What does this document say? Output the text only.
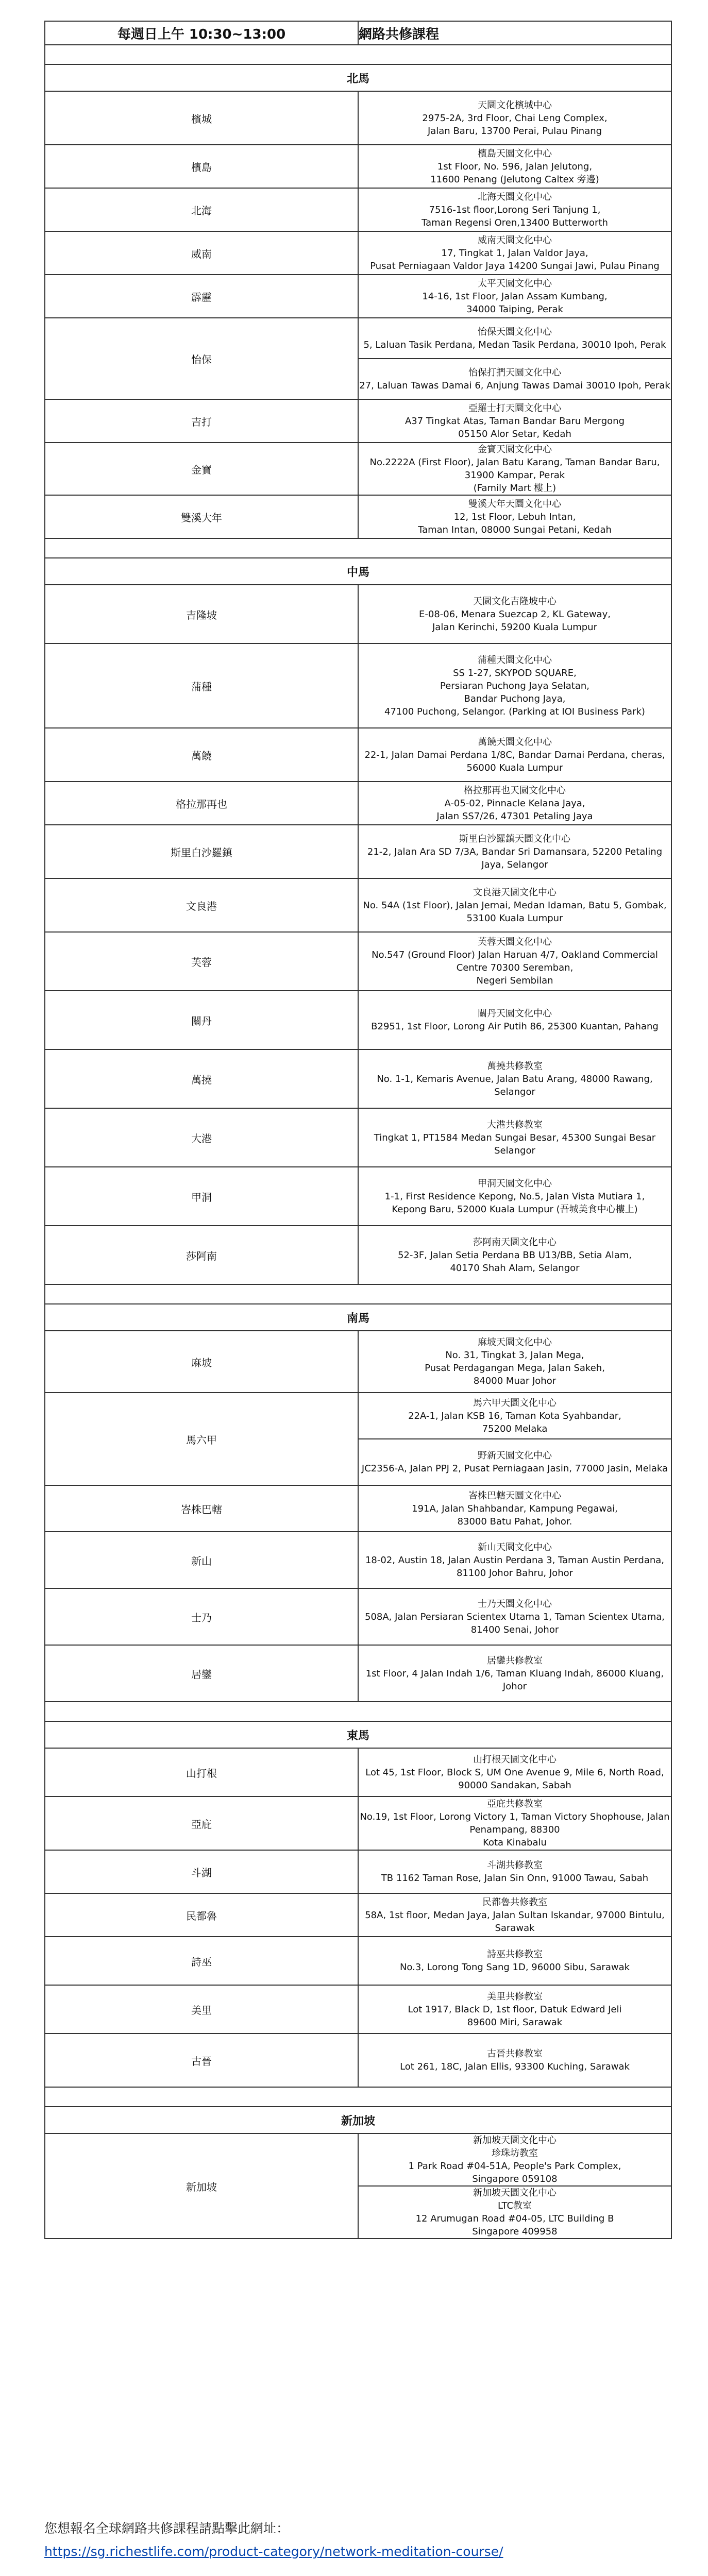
每週日上午 10:30~13:00	網路共修課程

北馬	
檳城	天圜文化檳城中心
2975-2A, 3rd Floor, Chai Leng Complex,
Jalan Baru, 13700 Perai, Pulau Pinang

檳島	檳島天圜文化中心
1st Floor, No. 596, Jalan Jelutong,
11600 Penang (Jelutong Caltex 旁邊)

北海	北海天圜文化中心
7516-1st floor,Lorong Seri Tanjung 1,
Taman Regensi Oren,13400 Butterworth

威南	威南天圜文化中心
17, Tingkat 1, Jalan Valdor Jaya,
Pusat Perniagaan Valdor Jaya 14200 Sungai Jawi, Pulau Pinang

霹靂	太平天圜文化中心
14-16, 1st Floor, Jalan Assam Kumbang,
34000 Taiping, Perak

怡保	怡保天圜文化中心
5, Laluan Tasik Perdana, Medan Tasik Perdana, 30010 Ipoh, Perak

	怡保打捫天圜文化中心
27, Laluan Tawas Damai 6, Anjung Tawas Damai 30010 Ipoh, Perak

吉打	亞羅士打天圜文化中心
A37 Tingkat Atas, Taman Bandar Baru Mergong
05150 Alor Setar, Kedah

金寶	金寶天圜文化中心
No.2222A (First Floor), Jalan Batu Karang, Taman Bandar Baru, 31900 Kampar, Perak
(Family Mart 樓上)

雙溪大年	雙溪大年天圜文化中心
12, 1st Floor, Lebuh Intan,
Taman Intan, 08000 Sungai Petani, Kedah

中馬	
吉隆坡	天圜文化吉隆坡中心
E-08-06, Menara Suezcap 2, KL Gateway,
Jalan Kerinchi, 59200 Kuala Lumpur

蒲種	蒲種天圜文化中心
SS 1-27, SKYPOD SQUARE,
Persiaran Puchong Jaya Selatan,
Bandar Puchong Jaya,
47100 Puchong, Selangor. (Parking at IOI Business Park)

萬饒	萬饒天圜文化中心
22-1, Jalan Damai Perdana 1/8C, Bandar Damai Perdana, cheras, 56000 Kuala Lumpur

格拉那再也	格拉那再也天圜文化中心
A-05-02, Pinnacle Kelana Jaya,
Jalan SS7/26, 47301 Petaling Jaya

斯里白沙羅鎮	斯里白沙羅鎮天圜文化中心
21-2, Jalan Ara SD 7/3A, Bandar Sri Damansara, 52200 Petaling Jaya, Selangor

文良港	文良港天圜文化中心
No. 54A (1st Floor), Jalan Jernai, Medan Idaman, Batu 5, Gombak, 53100 Kuala Lumpur

芙蓉	芙蓉天圜文化中心
No.547 (Ground Floor) Jalan Haruan 4/7, Oakland Commercial Centre 70300 Seremban,
Negeri Sembilan

關丹	關丹天圜文化中心
B2951, 1st Floor, Lorong Air Putih 86, 25300 Kuantan, Pahang

萬撓	萬撓共修教室
No. 1-1, Kemaris Avenue, Jalan Batu Arang, 48000 Rawang, Selangor

大港	大港共修教室
Tingkat 1, PT1584 Medan Sungai Besar, 45300 Sungai Besar Selangor

甲洞	甲洞天圜文化中心
1-1, First Residence Kepong, No.5, Jalan Vista Mutiara 1,
Kepong Baru, 52000 Kuala Lumpur (吾城美食中心樓上)

莎阿南	莎阿南天圜文化中心
52-3F, Jalan Setia Perdana BB U13/BB, Setia Alam,
40170 Shah Alam, Selangor

南馬	
麻坡	麻坡天圜文化中心
No. 31, Tingkat 3, Jalan Mega,
Pusat Perdagangan Mega, Jalan Sakeh,
84000 Muar Johor

馬六甲	馬六甲天圜文化中心
22A-1, Jalan KSB 16, Taman Kota Syahbandar,
75200 Melaka

	野新天圜文化中心
JC2356-A, Jalan PPJ 2, Pusat Perniagaan Jasin, 77000 Jasin, Melaka

峇株巴轄	峇株巴轄天圜文化中心
191A, Jalan Shahbandar, Kampung Pegawai,
83000 Batu Pahat, Johor.

新山	新山天圜文化中心
18-02, Austin 18, Jalan Austin Perdana 3, Taman Austin Perdana, 81100 Johor Bahru, Johor

士乃	士乃天圜文化中心
508A, Jalan Persiaran Scientex Utama 1, Taman Scientex Utama, 81400 Senai, Johor

居鑾	居鑾共修教室
1st Floor, 4 Jalan Indah 1/6, Taman Kluang Indah, 86000 Kluang, Johor

東馬	
山打根	山打根天圜文化中心
Lot 45, 1st Floor, Block S, UM One Avenue 9, Mile 6, North Road, 90000 Sandakan, Sabah

亞庇	亞庇共修教室
No.19, 1st Floor, Lorong Victory 1, Taman Victory Shophouse, Jalan Penampang, 88300
Kota Kinabalu

斗湖	斗湖共修教室
TB 1162 Taman Rose, Jalan Sin Onn, 91000 Tawau, Sabah

民都魯	民都魯共修教室
58A, 1st floor, Medan Jaya, Jalan Sultan Iskandar, 97000 Bintulu, Sarawak

詩巫	詩巫共修教室
No.3, Lorong Tong Sang 1D, 96000 Sibu, Sarawak

美里	美里共修教室
Lot 1917, Black D, 1st floor, Datuk Edward Jeli
89600 Miri, Sarawak

古晉	古晉共修教室
Lot 261, 18C, Jalan Ellis, 93300 Kuching, Sarawak

新加坡	
新加坡	新加坡天圜文化中心
珍珠坊教室
1 Park Road #04-51A, People's Park Complex,
Singapore 059108

	新加坡天圜文化中心
LTC教室
12 Arumugan Road #04-05, LTC Building B
Singapore 409958
您想報名全球網路共修課程請點擊此網址：
https://sg.richestlife.com/product-category/network-meditation-course/
